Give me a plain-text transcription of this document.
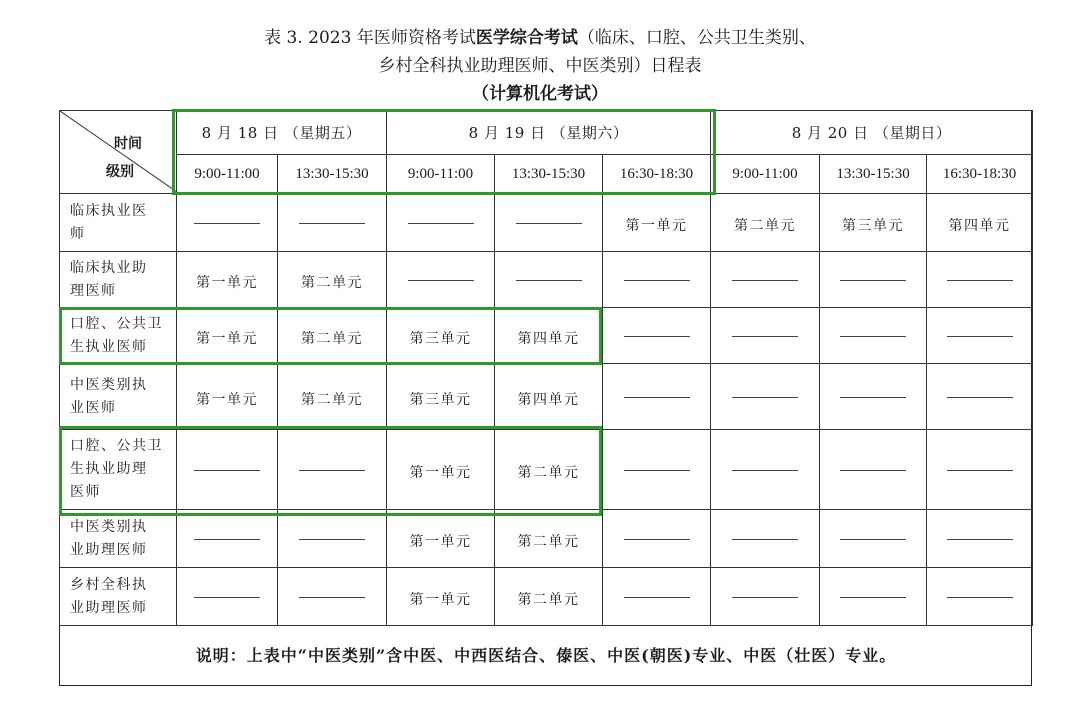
表 3. 2023 年医师资格考试医学综合考试（临床、口腔、公共卫生类别、
乡村全科执业助理医师、中医类别）日程表
（计算机化考试）
时间
级别	8 月 18 日 （星期五）		8 月 19 日 （星期六）			8 月 20 日 （星期日）		
	9:00-11:00	13:30-15:30	9:00-11:00	13:30-15:30	16:30-18:30	9:00-11:00	13:30-15:30	16:30-18:30

临床执业医
师					第一单元	第二单元	第三单元	第四单元

临床执业助
理医师	第一单元	第二单元						

口腔、公共卫
生执业医师	第一单元	第二单元	第三单元	第四单元				

中医类别执
业医师	第一单元	第二单元	第三单元	第四单元				

口腔、公共卫
生执业助理
医师			第一单元	第二单元				

中医类别执
业助理医师			第一单元	第二单元				

乡村全科执
业助理医师			第一单元	第二单元				
说明：上表中“中医类别”含中医、中西医结合、傣医、中医(朝医)专业、中医（壮医）专业。								
